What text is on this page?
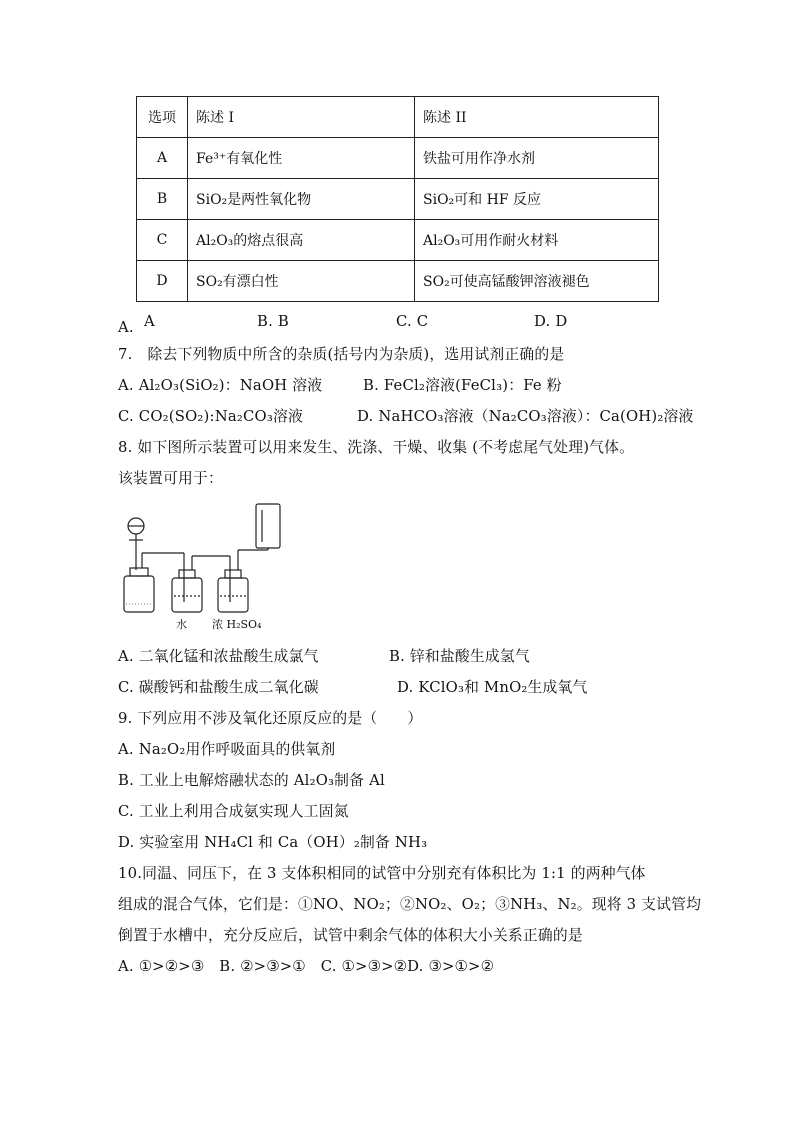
选项	陈述 I	陈述 II
A	Fe³⁺有氧化性	铁盐可用作净水剂
B	SiO₂是两性氧化物	SiO₂可和 HF 反应
C	Al₂O₃的熔点很高	Al₂O₃可用作耐火材料
D	SO₂有漂白性	SO₂可使高锰酸钾溶液褪色
A. A	B. B	C. C	D. D
7.　除去下列物质中所含的杂质(括号内为杂质)，选用试剂正确的是
A. Al₂O₃(SiO₂)：NaOH 溶液	B. FeCl₂溶液(FeCl₃)：Fe 粉
C. CO₂(SO₂):Na₂CO₃溶液	D. NaHCO₃溶液（Na₂CO₃溶液）：Ca(OH)₂溶液
8. 如下图所示装置可以用来发生、洗涤、干燥、收集 (不考虑尾气处理)气体。
该装置可用于：
水 浓 H₂SO₄
A. 二氧化锰和浓盐酸生成氯气	B. 锌和盐酸生成氢气
C. 碳酸钙和盐酸生成二氧化碳	D. KClO₃和 MnO₂生成氧气
9. 下列应用不涉及氧化还原反应的是（　　）
A. Na₂O₂用作呼吸面具的供氧剂
B. 工业上电解熔融状态的 Al₂O₃制备 Al
C. 工业上利用合成氨实现人工固氮
D. 实验室用 NH₄Cl 和 Ca（OH）₂制备 NH₃
10.同温、同压下，在 3 支体积相同的试管中分别充有体积比为 1:1 的两种气体
组成的混合气体，它们是：①NO、NO₂；②NO₂、O₂；③NH₃、N₂。现将 3 支试管均
倒置于水槽中，充分反应后，试管中剩余气体的体积大小关系正确的是
A. ①>②>③　B. ②>③>①　C. ①>③>②D. ③>①>②
